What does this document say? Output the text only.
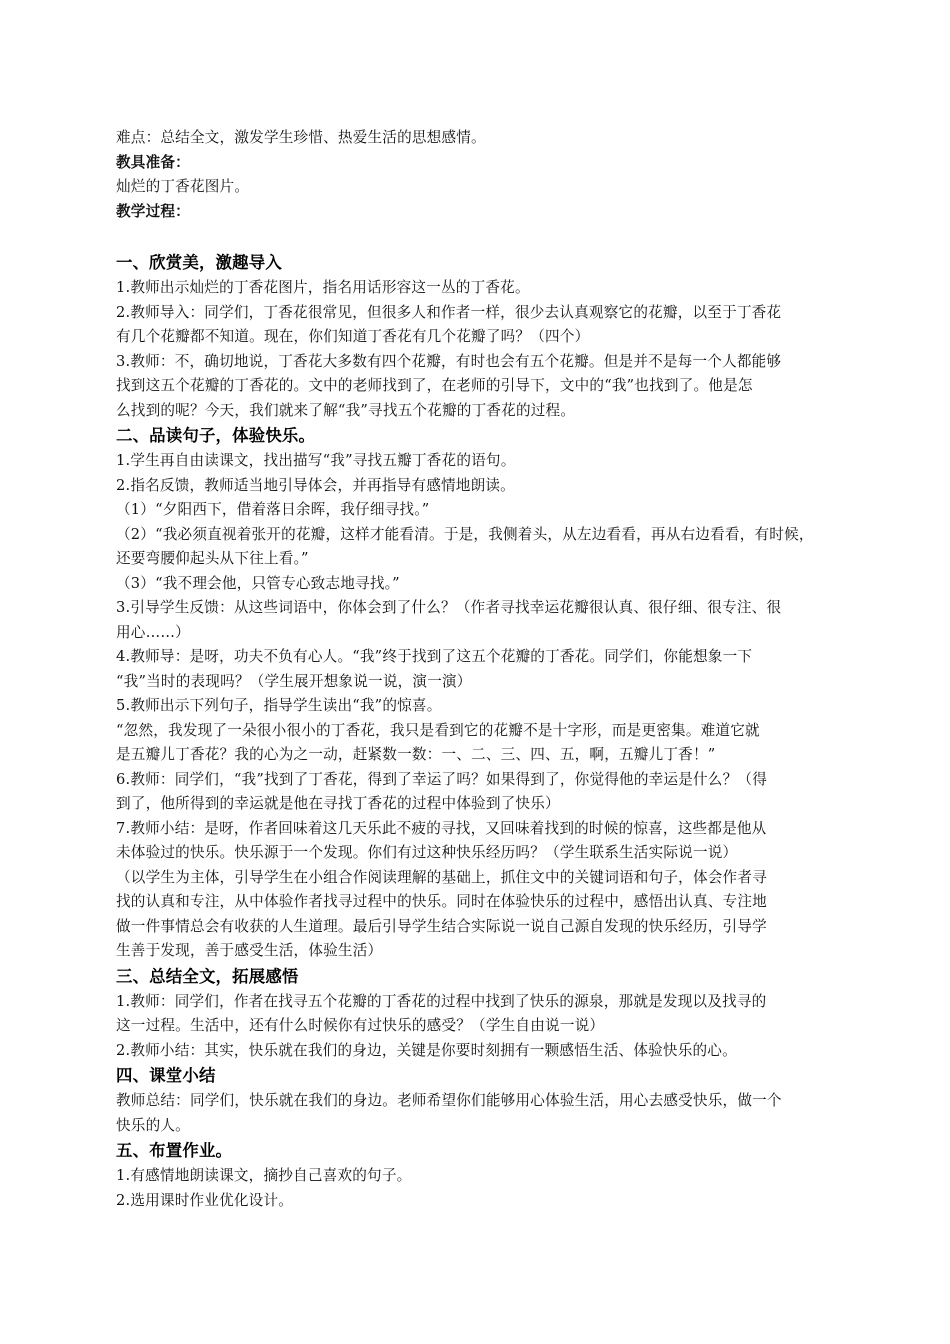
难点：总结全文，激发学生珍惜、热爱生活的思想感情。
教具准备：
灿烂的丁香花图片。
教学过程：
一、欣赏美，激趣导入
1.教师出示灿烂的丁香花图片，指名用话形容这一丛的丁香花。
2.教师导入：同学们，丁香花很常见，但很多人和作者一样，很少去认真观察它的花瓣，以至于丁香花
有几个花瓣都不知道。现在，你们知道丁香花有几个花瓣了吗？（四个）
3.教师：不，确切地说，丁香花大多数有四个花瓣，有时也会有五个花瓣。但是并不是每一个人都能够
找到这五个花瓣的丁香花的。文中的老师找到了，在老师的引导下，文中的“我”也找到了。他是怎
么找到的呢？今天，我们就来了解“我”寻找五个花瓣的丁香花的过程。
二、品读句子，体验快乐。
1.学生再自由读课文，找出描写“我”寻找五瓣丁香花的语句。
2.指名反馈，教师适当地引导体会，并再指导有感情地朗读。
（1）“夕阳西下，借着落日余晖，我仔细寻找。”
（2）“我必须直视着张开的花瓣，这样才能看清。于是，我侧着头，从左边看看，再从右边看看，有时候，
还要弯腰仰起头从下往上看。”
（3）“我不理会他，只管专心致志地寻找。”
3.引导学生反馈：从这些词语中，你体会到了什么？（作者寻找幸运花瓣很认真、很仔细、很专注、很
用心……）
4.教师导：是呀，功夫不负有心人。“我”终于找到了这五个花瓣的丁香花。同学们，你能想象一下
“我”当时的表现吗？（学生展开想象说一说，演一演）
5.教师出示下列句子，指导学生读出“我”的惊喜。
“忽然，我发现了一朵很小很小的丁香花，我只是看到它的花瓣不是十字形，而是更密集。难道它就
是五瓣儿丁香花？我的心为之一动，赶紧数一数：一、二、三、四、五，啊，五瓣儿丁香！”
6.教师：同学们，“我”找到了丁香花，得到了幸运了吗？如果得到了，你觉得他的幸运是什么？（得
到了，他所得到的幸运就是他在寻找丁香花的过程中体验到了快乐）
7.教师小结：是呀，作者回味着这几天乐此不疲的寻找，又回味着找到的时候的惊喜，这些都是他从
未体验过的快乐。快乐源于一个发现。你们有过这种快乐经历吗？（学生联系生活实际说一说）
（以学生为主体，引导学生在小组合作阅读理解的基础上，抓住文中的关键词语和句子，体会作者寻
找的认真和专注，从中体验作者找寻过程中的快乐。同时在体验快乐的过程中，感悟出认真、专注地
做一件事情总会有收获的人生道理。最后引导学生结合实际说一说自己源自发现的快乐经历，引导学
生善于发现，善于感受生活，体验生活）
三、总结全文，拓展感悟
1.教师：同学们，作者在找寻五个花瓣的丁香花的过程中找到了快乐的源泉，那就是发现以及找寻的
这一过程。生活中，还有什么时候你有过快乐的感受？（学生自由说一说）
2.教师小结：其实，快乐就在我们的身边，关键是你要时刻拥有一颗感悟生活、体验快乐的心。
四、课堂小结
教师总结：同学们，快乐就在我们的身边。老师希望你们能够用心体验生活，用心去感受快乐，做一个
快乐的人。
五、布置作业。
1.有感情地朗读课文，摘抄自己喜欢的句子。
2.选用课时作业优化设计。
